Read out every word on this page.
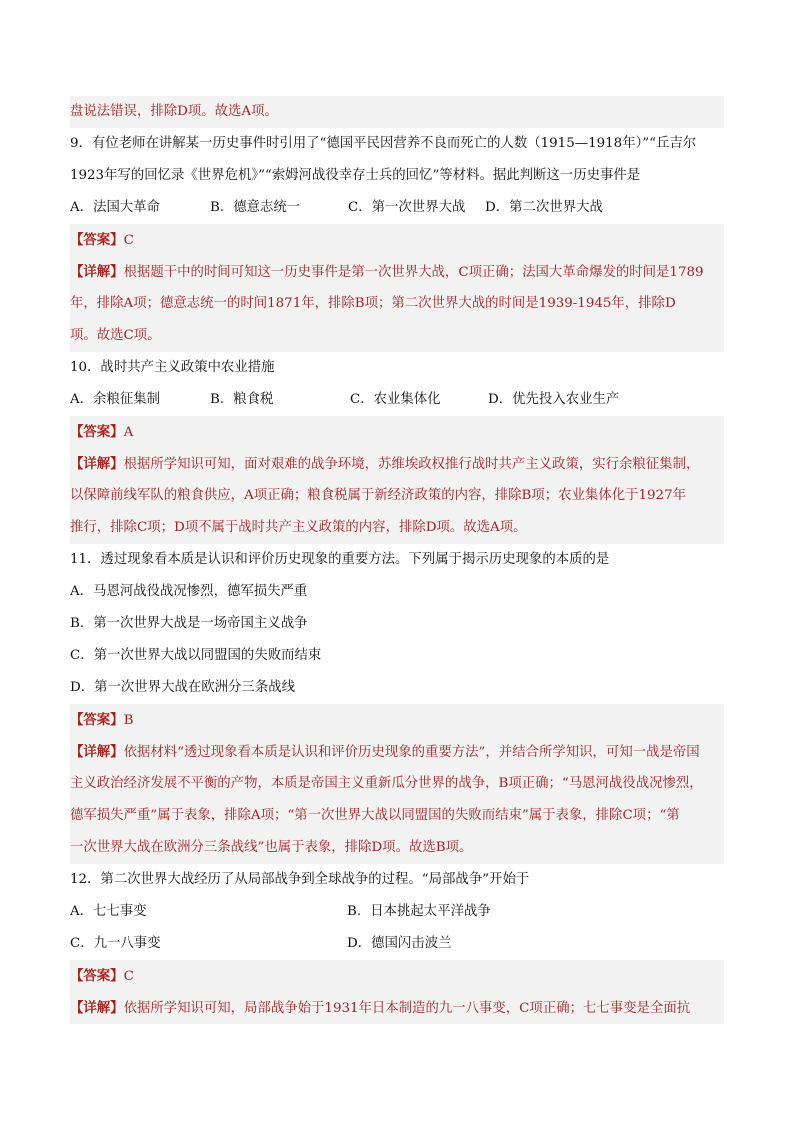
盘说法错误，排除D项。故选A项。
9．有位老师在讲解某一历史事件时引用了“德国平民因营养不良而死亡的人数（1915—1918年）”“丘吉尔
1923年写的回忆录《世界危机》”“索姆河战役幸存士兵的回忆”等材料。据此判断这一历史事件是
A．法国大革命	B．德意志统一	C．第一次世界大战	D．第二次世界大战
【答案】C
【详解】根据题干中的时间可知这一历史事件是第一次世界大战，C项正确；法国大革命爆发的时间是1789
年，排除A项；德意志统一的时间1871年，排除B项；第二次世界大战的时间是1939-1945年，排除D
项。故选C项。
10．战时共产主义政策中农业措施
A．余粮征集制	B．粮食税	C．农业集体化	D．优先投入农业生产
【答案】A
【详解】根据所学知识可知，面对艰难的战争环境，苏维埃政权推行战时共产主义政策，实行余粮征集制，
以保障前线军队的粮食供应，A项正确；粮食税属于新经济政策的内容，排除B项；农业集体化于1927年
推行，排除C项；D项不属于战时共产主义政策的内容，排除D项。故选A项。
11．透过现象看本质是认识和评价历史现象的重要方法。下列属于揭示历史现象的本质的是
A．马恩河战役战况惨烈，德军损失严重
B．第一次世界大战是一场帝国主义战争
C．第一次世界大战以同盟国的失败而结束
D．第一次世界大战在欧洲分三条战线
【答案】B
【详解】依据材料“透过现象看本质是认识和评价历史现象的重要方法”，并结合所学知识，可知一战是帝国
主义政治经济发展不平衡的产物，本质是帝国主义重新瓜分世界的战争，B项正确；“马恩河战役战况惨烈，
德军损失严重”属于表象，排除A项；“第一次世界大战以同盟国的失败而结束”属于表象，排除C项；“第
一次世界大战在欧洲分三条战线”也属于表象，排除D项。故选B项。
12．第二次世界大战经历了从局部战争到全球战争的过程。“局部战争”开始于
A．七七事变	B．日本挑起太平洋战争
C．九一八事变	D．德国闪击波兰
【答案】C
【详解】依据所学知识可知，局部战争始于1931年日本制造的九一八事变，C项正确；七七事变是全面抗
